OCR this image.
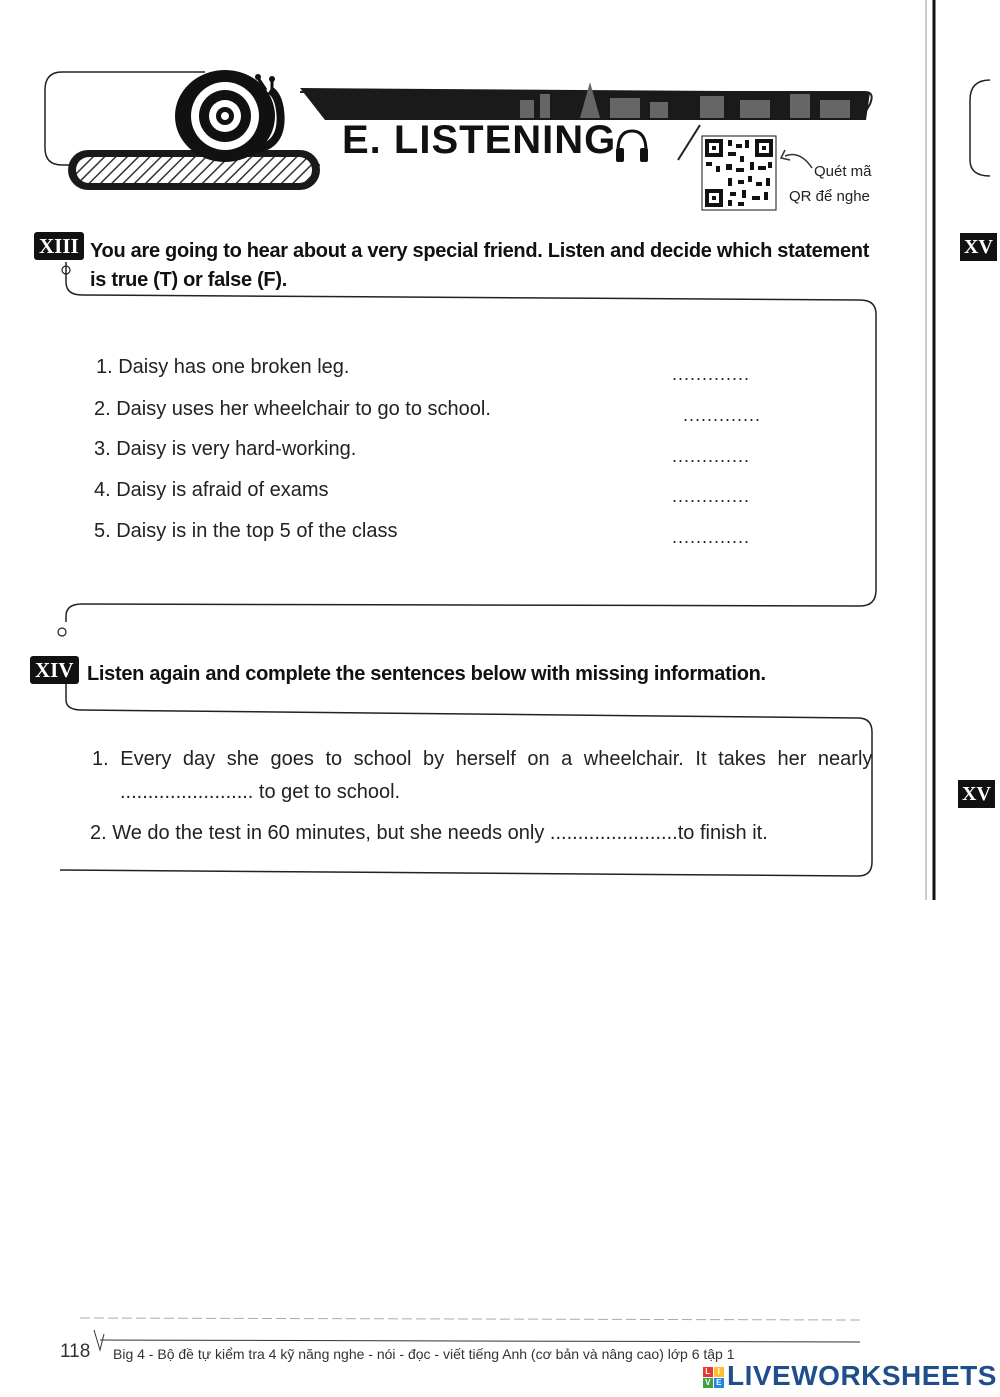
E. LISTENING
Quét mã
QR để nghe
XIII You are going to hear about a very special friend. Listen and decide which statement
is true (T) or false (F).
1. Daisy has one broken leg.	.............
2. Daisy uses her wheelchair to go to school.	.............
3. Daisy is very hard-working.	.............
4. Daisy is afraid of exams	.............
5. Daisy is in the top 5 of the class	.............
XIV Listen again and complete the sentences below with missing information.
1. Every day she goes to school by herself on a wheelchair. It takes her nearly
........................ to get to school.
2. We do the test in 60 minutes, but she needs only .......................to finish it.
118 Big 4 - Bộ đề tự kiểm tra 4 kỹ năng nghe - nói - đọc - viết tiếng Anh (cơ bản và nâng cao) lớp 6 tập 1
L I
V E LIVEWORKSHEETS
XV
XV
